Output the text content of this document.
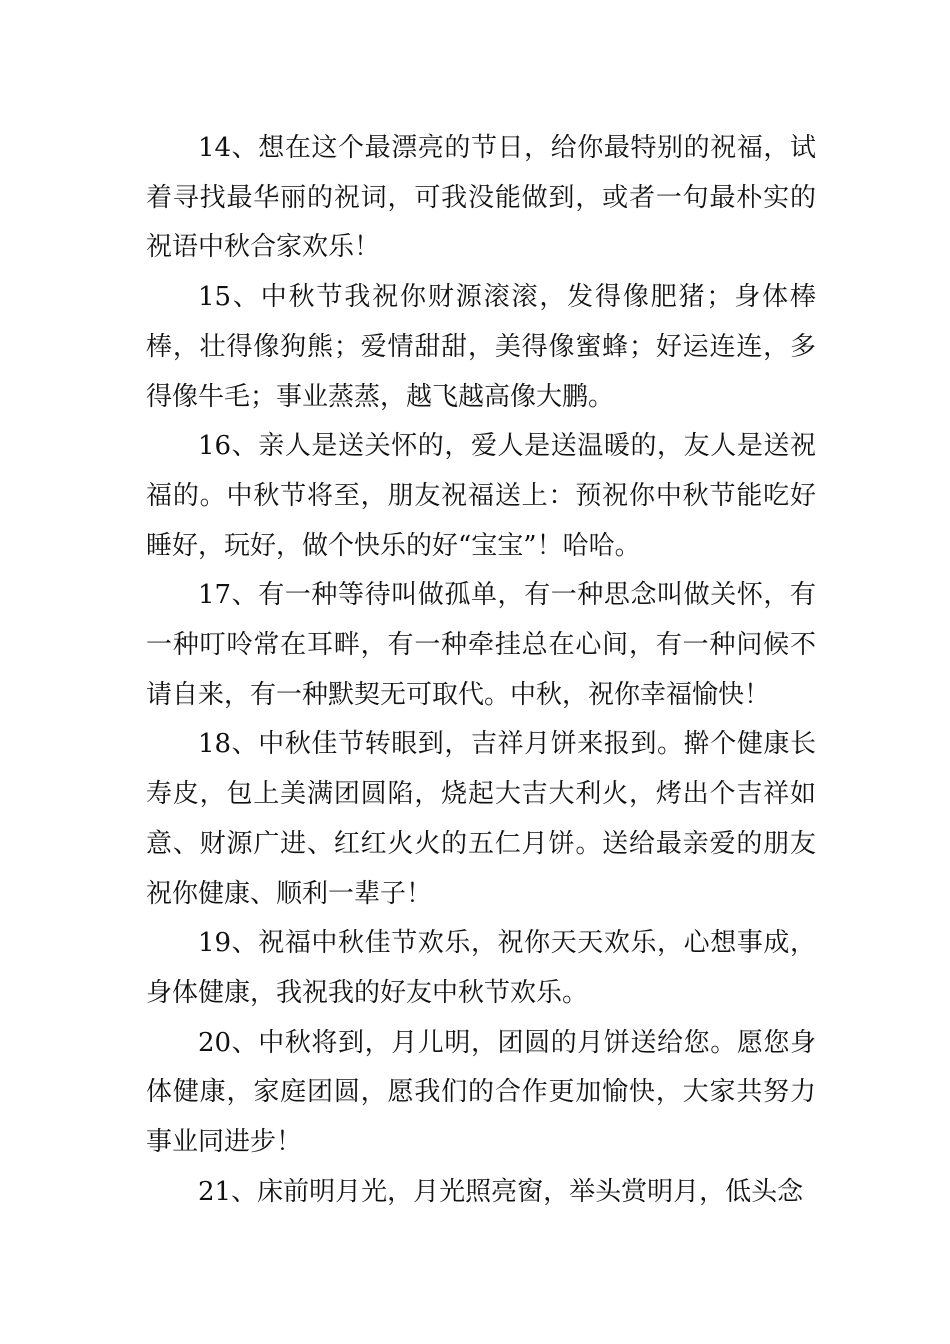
14、想在这个最漂亮的节日，给你最特别的祝福，试着寻找最华丽的祝词，可我没能做到，或者一句最朴实的祝语中秋合家欢乐！

15、中秋节我祝你财源滚滚，发得像肥猪；身体棒棒，壮得像狗熊；爱情甜甜，美得像蜜蜂；好运连连，多得像牛毛；事业蒸蒸，越飞越高像大鹏。

16、亲人是送关怀的，爱人是送温暖的，友人是送祝福的。中秋节将至，朋友祝福送上：预祝你中秋节能吃好睡好，玩好，做个快乐的好“宝宝”！哈哈。

17、有一种等待叫做孤单，有一种思念叫做关怀，有一种叮呤常在耳畔，有一种牵挂总在心间，有一种问候不请自来，有一种默契无可取代。中秋，祝你幸福愉快！

18、中秋佳节转眼到，吉祥月饼来报到。擀个健康长寿皮，包上美满团圆陷，烧起大吉大利火，烤出个吉祥如意、财源广进、红红火火的五仁月饼。送给最亲爱的朋友祝你健康、顺利一辈子！

19、祝福中秋佳节欢乐，祝你天天欢乐，心想事成，身体健康，我祝我的好友中秋节欢乐。

20、中秋将到，月儿明，团圆的月饼送给您。愿您身体健康，家庭团圆，愿我们的合作更加愉快，大家共努力事业同进步！

21、床前明月光，月光照亮窗，举头赏明月，低头念
